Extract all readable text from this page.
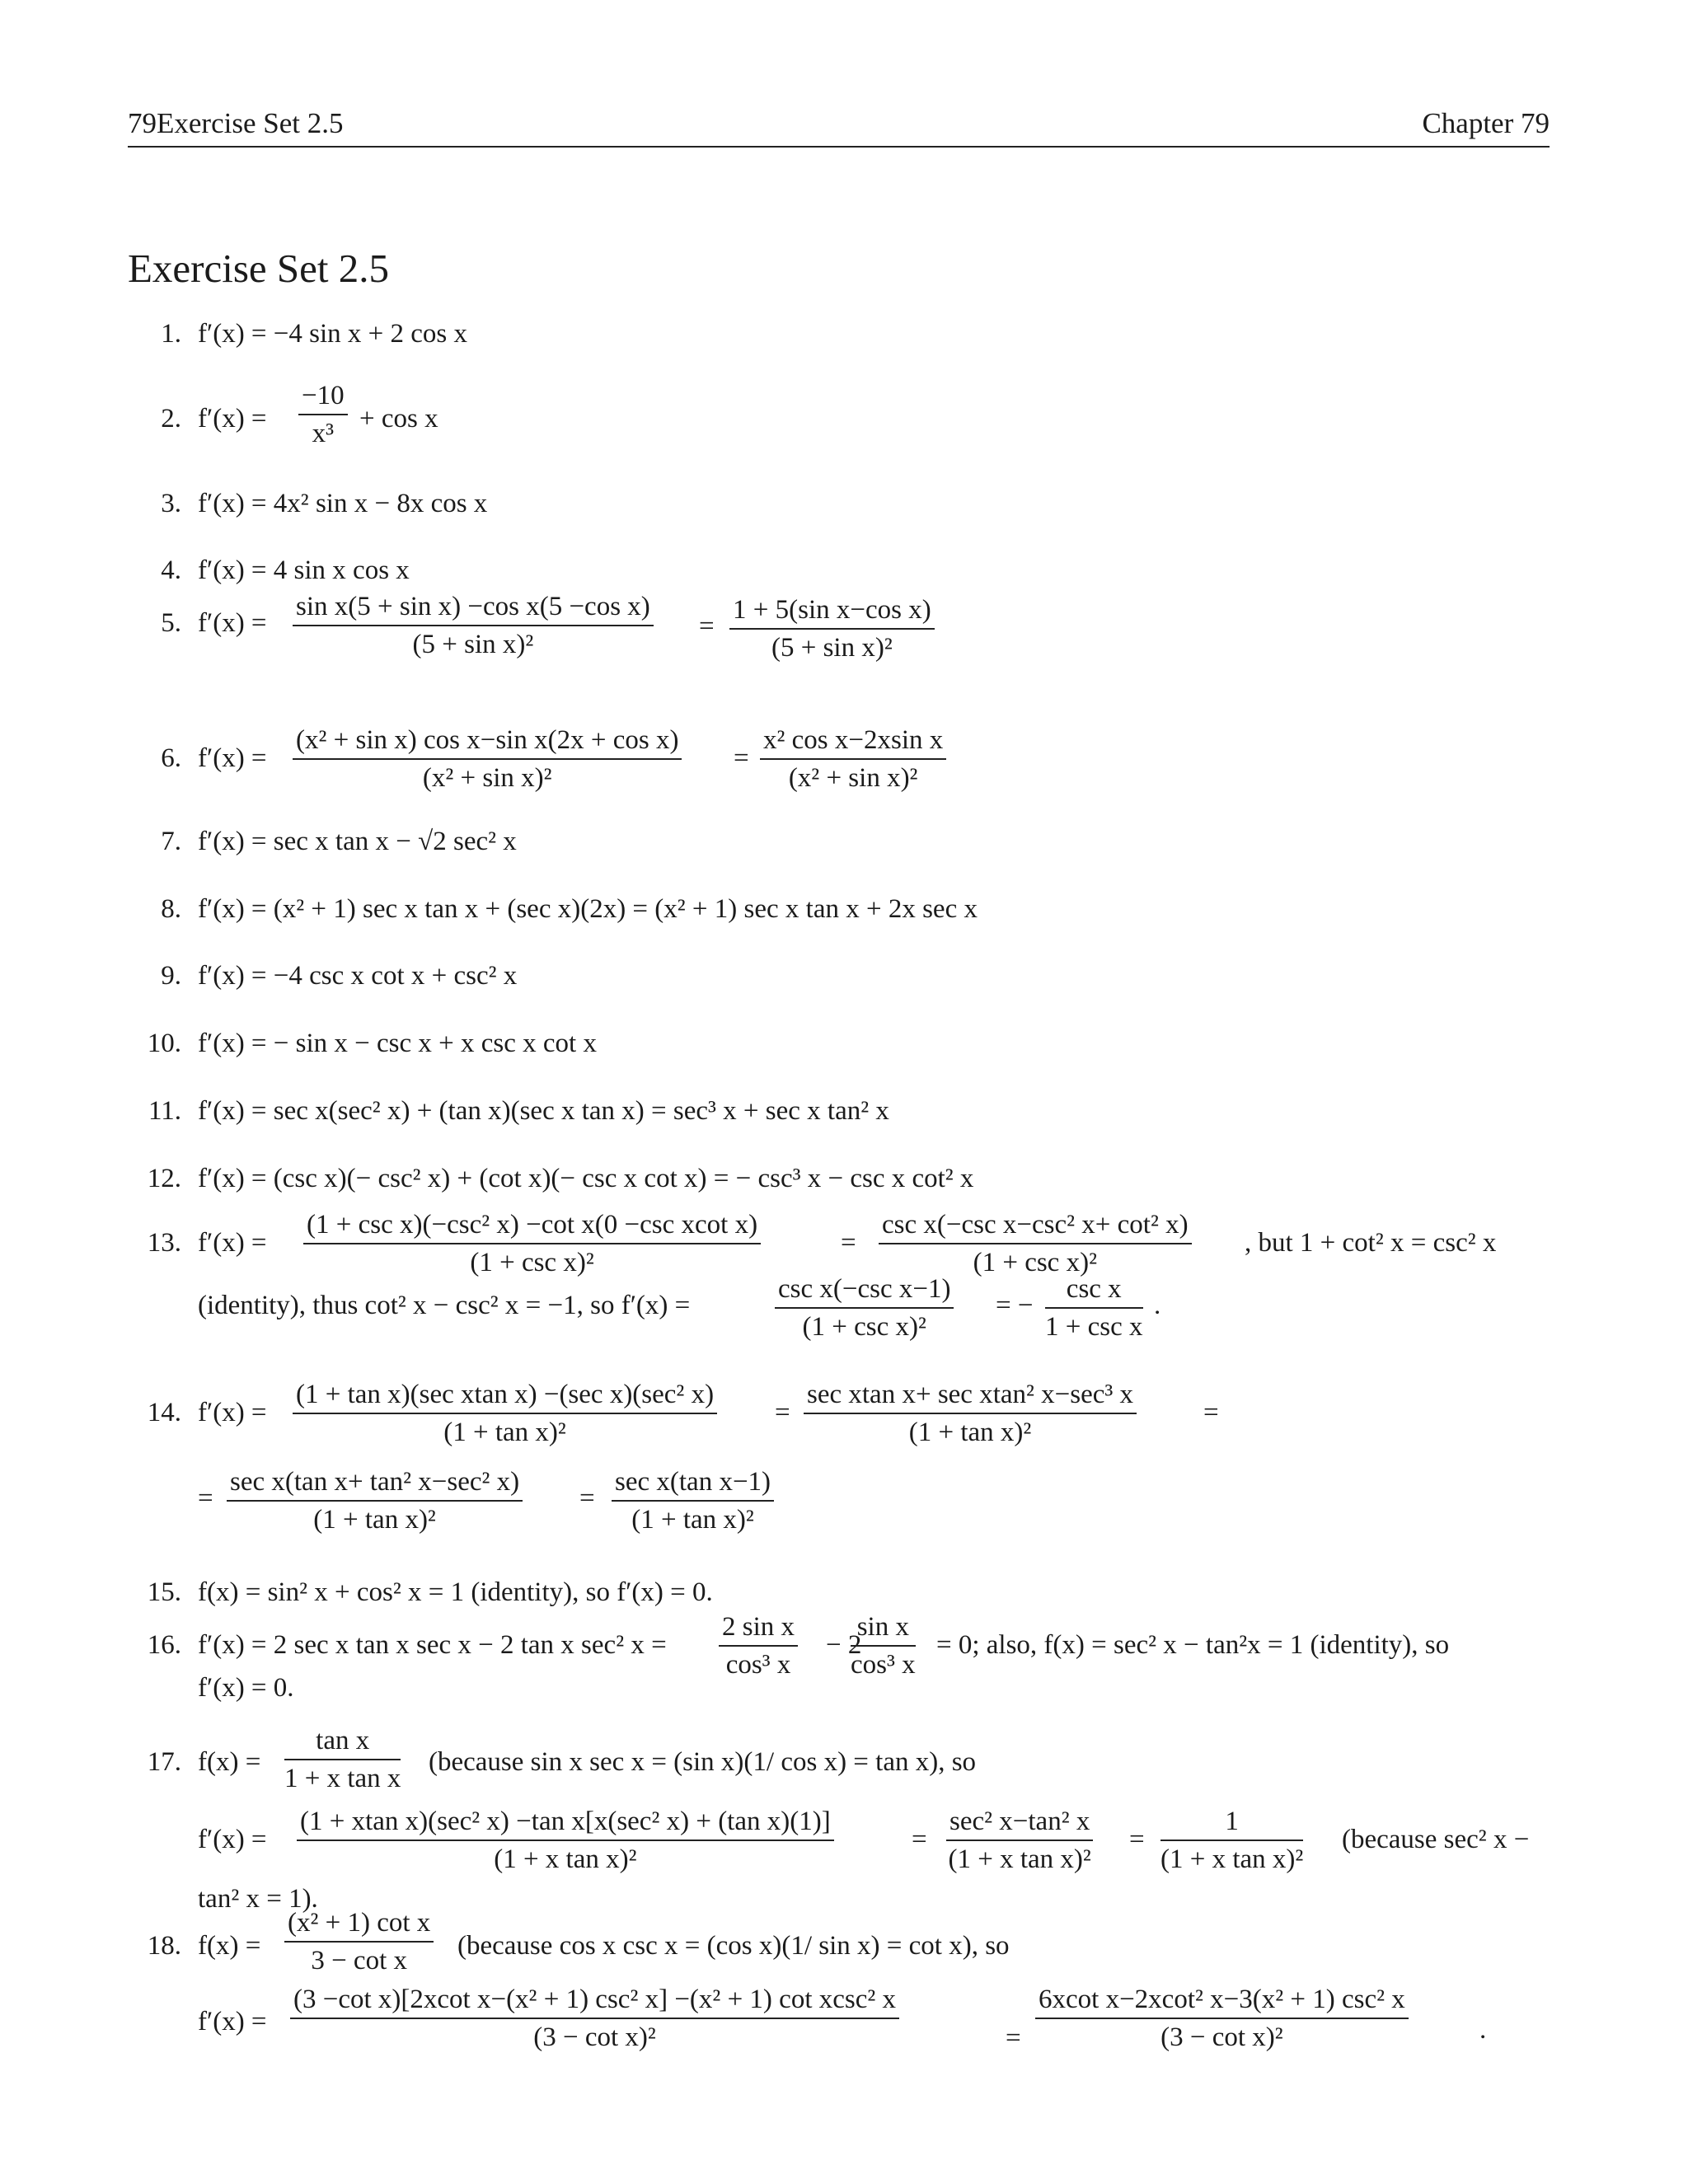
79Exercise Set 2.5	Chapter 79
Exercise Set 2.5
1. f′(x) = −4 sin x + 2 cos x
2. $f'(x) = \frac{-10}{\text{x³}} + \cos x$
3. f′(x) = 4x² sin x − 8x cos x
4. f′(x) = 4 sin x cos x
5. $f'(x) = \frac{\text{sin x(5 + sin x) −cos x(5 −cos x)}}{\text{(5 + sin x)²}} = \frac{\text{1 + 5(sin x−cos x)}}{\text{(5 + sin x)²}}$
6. $f'(x) = \frac{\text{(x² + sin x) cos x−sin x(2x + cos x)}}{\text{(x² + sin x)²}} = \frac{\text{x² cos x−2xsin x}}{\text{(x² + sin x)²}}$
7. f′(x) = sec x tan x − √2 sec² x
8. f′(x) = (x² + 1) sec x tan x + (sec x)(2x) = (x² + 1) sec x tan x + 2x sec x
9. f′(x) = −4 csc x cot x + csc² x
10. f′(x) = − sin x − csc x + x csc x cot x
11. f′(x) = sec x(sec² x) + (tan x)(sec x tan x) = sec³ x + sec x tan² x
12. f′(x) = (csc x)(− csc² x) + (cot x)(− csc x cot x) = − csc³ x − csc x cot² x
13. f′(x) =
(1 + csc x)(−csc² x) −cot x(0 −csc xcot x)
(1 + csc x)²
=
csc x(−csc x−csc² x+ cot² x)
(1 + csc x)²
, but 1 + cot² x = csc² x
(identity), thus cot² x − csc² x = −1, so f′(x) =
csc x(−csc x−1)
(1 + csc x)²
= −
csc x
1 + csc x
.
14. f′(x) =
(1 + tan x)(sec xtan x) −(sec x)(sec² x)
(1 + tan x)²
=
sec xtan x+ sec xtan² x−sec³ x
(1 + tan x)²
=
=
sec x(tan x+ tan² x−sec² x)
(1 + tan x)²
=
sec x(tan x−1)
(1 + tan x)²
15. f(x) = sin² x + cos² x = 1 (identity), so f′(x) = 0.
16. f′(x) = 2 sec x tan x sec x − 2 tan x sec² $x = \frac{\text{2 sin x}}{\text{cos³ x}} - 2$
$\frac{\text{sin x}}{\text{cos³ x}} = 0$; also, f(x) = sec² x − tan²x = 1 (identity), so
f′(x) = 0.
17. $f(x) = \frac{\text{tan x}}{\text{1 + x tan x}}$ (because sin x sec x = (sin x)(1/ cos x) = tan x), so
f′(x) =
(1 + xtan x)(sec² x) −tan x[x(sec² x) + (tan x)(1)]
(1 + x tan x)²
=
sec² x−tan² x
(1 + x tan x)²
= $\frac{1}{\text{(1 + x tan x)²}}$ (because sec² x −
tan² x = 1).
18. $f(x) = \frac{\text{(x² + 1) cot x}}{\text{3 − cot x}}$ (because cos x csc x = (cos x)(1/ sin x) = cot x), so
f′(x) =
(3 −cot x)[2xcot x−(x² + 1) csc² x] −(x² + 1) cot xcsc² x
(3 − cot x)²	=
6xcot x−2xcot² x−3(x² + 1) csc² x
(3 − cot x)²	.
